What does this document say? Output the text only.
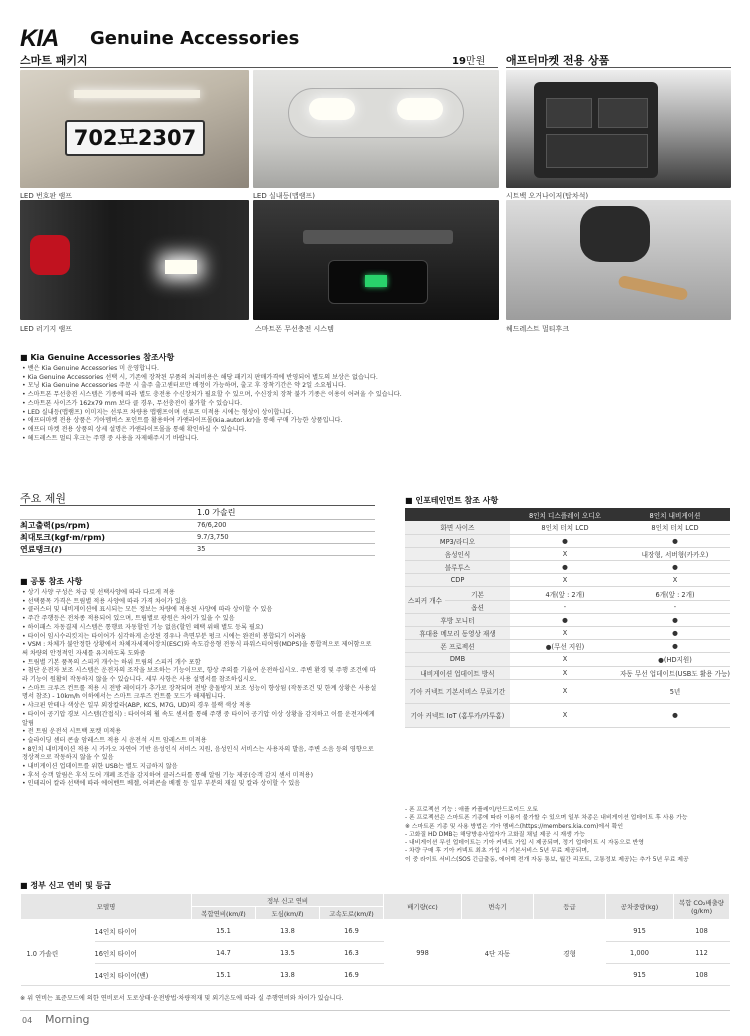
KIA Genuine Accessories
스마트 패키지	19만원 애프터마켓 전용 상품
702모2307
LED 번호판 램프	LED 실내등(맵램프)	시트백 오거나이저(탑차석)
LED 러기지 램프	스마트폰 무선충전 시스템	헤드레스트 멀티후크
■ Kia Genuine Accessories 참조사항
• 밴은 Kia Genuine Accessories 미 운영합니다.
• Kia Genuine Accessories 선택 시, 기존에 장착된 부품의 처리비용은 해당 패키지 판매가격에 반영되어 별도의 보상은 없습니다.
• 모닝 Kia Genuine Accessories 주문 시 출주 출고센터로만 배정이 가능하며, 출고 후 장착기간은 약 2일 소요됩니다.
• 스마트폰 무선충전 시스템은 기종에 따라 별도 충전용 수신장치가 필요할 수 있으며, 수신장치 장착 불가 기종은 이용이 어려울 수 있습니다.
• 스마트폰 사이즈가 162x79 mm 보다 클 경우, 무선충전이 불가할 수 있습니다.
• LED 실내등(맵램프) 이미지는 선루프 차량용 맵램프이며 선루프 미적용 시에는 형상이 상이합니다.
• 애프터마켓 전용 상품은 기아멤버스 포인트를 활용하여 카앤라이프몰(kia.autori.kr)을 통해 구매 가능한 상품입니다.
• 애프터 마켓 전용 상품의 상세 설명은 카앤라이프몰을 통해 확인하실 수 있습니다.
• 헤드레스트 멀티 후크는 주행 중 사용을 자제해주시기 바랍니다.
주요 제원
	1.0 가솔린
최고출력(ps/rpm)	76/6,200
최대토크(kgf·m/rpm)	9.7/3,750
연료탱크(ℓ)	35
■ 공통 참조 사항
• 상기 사양 구성은 차급 및 선택사양에 따라 다르게 적용
• 선택품목 가격은 트림별 적용 사양에 따라 가격 차이가 있음
• 클러스터 및 내비게이션에 표시되는 모든 정보는 차량에 적용된 사양에 따라 상이할 수 있음
• 주간 주행등은 전차종 적용되어 있으며, 트림별로 광원은 차이가 있을 수 있음
• 하이패스 자동결제 시스템은 통행료 자동할인 기능 없음(할인 혜택 위해 별도 등록 필요)
• 타이어 임시수리킷지는 타이어가 심각하게 손상된 경우나 측면부분 펑크 시에는 완전히 봉합되기 어려움
• VSM : 차체가 불안정한 상황에서 차체자세제어장치(ESC)와 속도감응형 전동식 파워스티어링(MDPS)을 통합적으로 제어함으로써 차량의 안정적인 자세를 유지하도록 도와줌
• 트림별 기본 품목의 스피커 개수는 하위 트림의 스피커 개수 포함
• 첨단 운전자 보조 시스템은 운전자의 조작을 보조하는 기능이므로, 항상 주의를 기울여 운전하십시오. 주변 환경 및 주행 조건에 따라 기능이 원활히 작동하지 않을 수 있습니다. 세부 사항은 사용 설명서를 참조하십시오.
• 스마트 크루즈 컨트롤 적용 시 전방 레이더가 추가로 장착되며 전방 충돌방지 보조 성능이 향상됨 (작동조건 및 한계 상황은 사용설명서 참조) - 10km/h 이하에서는 스마트 크루즈 컨트롤 모드가 해제됩니다.
• 샤크핀 안테나 색상은 일부 외장칼라(ABP, KCS, M7G, UD)의 경우 블랙 색상 적용
• 타이어 공기압 경보 시스템(간접식) : 타이어의 휠 속도 센서를 통해 주행 중 타이어 공기압 이상 상황을 감지하고 이를 운전자에게 알림
• 전 트림 운전석 시트백 포켓 미적용
• 슬라이딩 센터 콘솔 암레스트 적용 시 운전석 시트 암레스트 미적용
• 8인치 내비게이션 적용 시 카카오 자연어 기반 음성인식 서비스 지원, 음성인식 서비스는 사용자의 발음, 주변 소음 등의 영향으로 정상적으로 작동하지 않을 수 있음
• 내비게이션 업데이트를 위한 USB는 별도 지급하지 않음
• 후석 승객 알림은 후석 도어 개폐 조건을 감지하여 클러스터를 통해 알림 기능 제공(승객 감지 센서 미적용)
• 인테리어 칼라 선택에 따라 에어벤트 베젤, 어퍼콘솔 베젤 등 일부 부분의 재질 및 칼라 상이할 수 있음
■ 인포테인먼트 참조 사항
		8인치 디스플레이 오디오	8인치 내비게이션
화면 사이즈		8인치 터치 LCD	8인치 터치 LCD
MP3/라디오		●	●
음성인식		X	내장형, 서버형(카카오)
블루투스		●	●
CDP		X	X
스피커 개수	기본	4개(앞 : 2개)	6개(앞 : 2개)
	옵션	-	-
후방 모니터		●	●
휴대용 메모리 동영상 재생		X	●
폰 프로젝션		●(무선 지원)	●
DMB		X	●(HD지원)
내비게이션 업데이트 방식		X	자동 무선 업데이트(USB도 활용 가능)
기아 커넥트 기본서비스 무료기간		X	5년
기아 커넥트 IoT (홈투카/카투홈)		X	●
- 폰 프로젝션 기능 : 애플 카플레이/안드로이드 오토
- 폰 프로젝션은 스마트폰 기종에 따라 이용이 불가할 수 있으며 일부 차종은 내비게이션 업데이트 후 사용 가능
※ 스마트폰 기종 및 사용 방법은 기아 멤버스(https://members.kia.com)에서 확인
- 고화질 HD DMB는 해당방송사업자가 고화질 채널 제공 시 재생 가능
- 내비게이션 무선 업데이트는 기아 커넥트 가입 시 제공되며, 정기 업데이트 시 자동으로 반영
- 차량 구매 후 기아 커넥트 최초 가입 시 기본서비스 5년 무료 제공되며,
이 중 라이트 서비스(SOS 긴급출동, 에어백 전개 자동 통보, 월간 리포트, 고통정보 제공)는 추가 5년 무료 제공
■ 정부 신고 연비 및 등급
모델명		정부 신고 연비			배기량(cc)	변속기	등급	공차중량(kg)	복합 CO₂배출량 (g/km)
		복합연비(km/ℓ)	도심(km/ℓ)	고속도로(km/ℓ)					
1.0 가솔린	14인치 타이어	15.1	13.8	16.9	998	4단 자동	경형	915	108
	16인치 타이어	14.7	13.5	16.3				1,000	112
	14인치 타이어(밴)	15.1	13.8	16.9				915	108
※ 위 연비는 표준모드에 의한 연비로서 도로상태·운전방법·차량적재 및 외기온도에 따라 실 주행연비와 차이가 있습니다.
04 Morning
